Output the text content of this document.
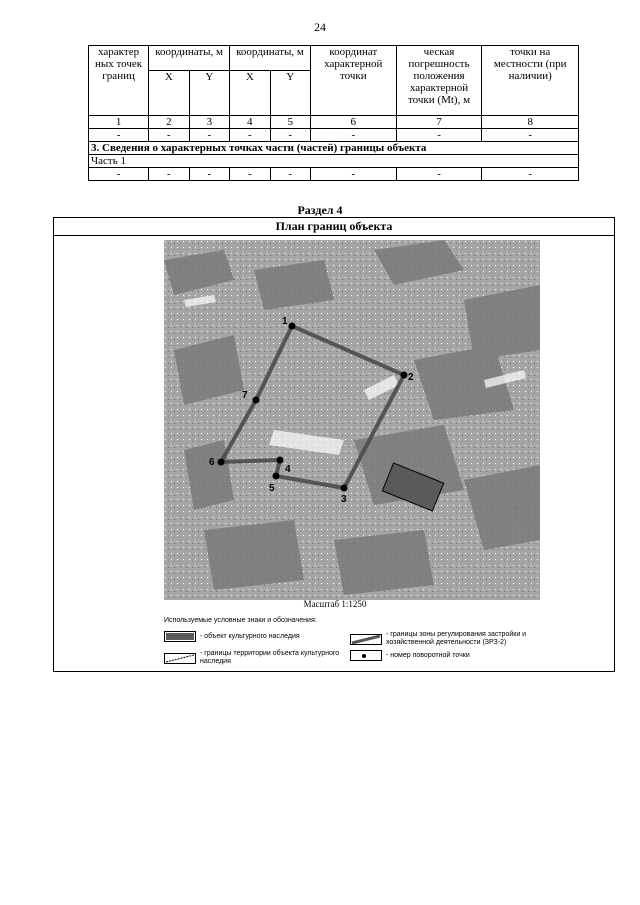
24
характер ных точек границ	координаты, м		координаты, м		координат характерной точки	ческая погрешность положения характерной точки (Mt), м	точки на местности (при наличии)
	X	Y	X	Y			
1	2	3	4	5	6	7	8
-	-	-	-	-	-	-	-
3. Сведения о характерных точках части (частей) границы объекта							
Часть 1							
-	-	-	-	-	-	-	-
Раздел 4
План границ объекта
1
2
3
4
5
6
7
Масштаб 1:1250
Используемые условные знаки и обозначения:
- объект культурного наследия	- границы зоны регулирования застройки и хозяйственной деятельности (ЗРЗ-2)
- границы территории объекта культурного наследия
- номер поворотной точки
